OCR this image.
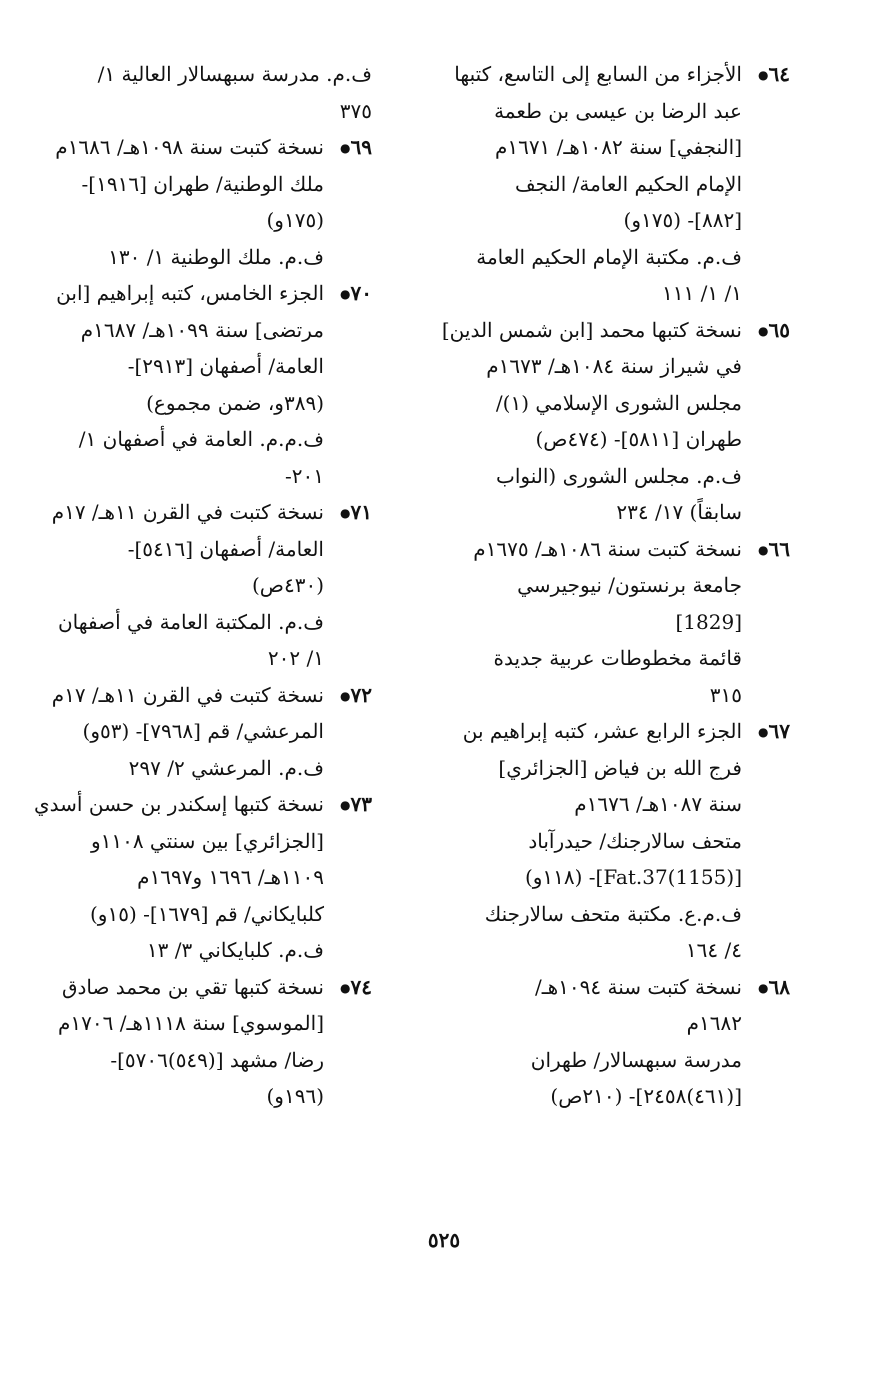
٦٤●
الأجزاء من السابع إلى التاسع، كتبها
عبد الرضا بن عيسى بن طعمة
[النجفي] سنة ١٠٨٢هـ/ ١٦٧١م
الإمام الحكيم العامة/ النجف
[٨٨٢]- (١٧٥و)
ف.م. مكتبة الإمام الحكيم العامة
١/ ١/ ١١١
٦٥●
نسخة كتبها محمد [ابن شمس الدين]
في شيراز سنة ١٠٨٤هـ/ ١٦٧٣م
مجلس الشورى الإسلامي (١)/
طهران [٥٨١١]- (٤٧٤ص)
ف.م. مجلس الشورى (النواب
سابقاً) ١٧/ ٢٣٤
٦٦●
نسخة كتبت سنة ١٠٨٦هـ/ ١٦٧٥م
جامعة برنستون/ نيوجيرسي
[1829]
قائمة مخطوطات عربية جديدة
٣١٥
٦٧●
الجزء الرابع عشر، كتبه إبراهيم بن
فرج الله بن فياض [الجزائري]
سنة ١٠٨٧هـ/ ١٦٧٦م
متحف سالارجنك/ حيدرآباد
[(1155)Fat.37]- (١١٨و)
ف.م.ع. مكتبة متحف سالارجنك
٤/ ١٦٤
٦٨●
نسخة كتبت سنة ١٠٩٤هـ/
١٦٨٢م
مدرسة سبهسالار/ طهران
[(٤٦١)٢٤٥٨]- (٢١٠ص)
ف.م. مدرسة سبهسالار العالية ١/
٣٧٥
٦٩●
نسخة كتبت سنة ١٠٩٨هـ/ ١٦٨٦م
ملك الوطنية/ طهران [١٩١٦]-
(١٧٥و)
ف.م. ملك الوطنية ١/ ١٣٠
٧٠●
الجزء الخامس، كتبه إبراهيم [ابن
مرتضى] سنة ١٠٩٩هـ/ ١٦٨٧م
العامة/ أصفهان [٢٩١٣]-
(٣٨٩و، ضمن مجموع)
ف.م.م. العامة في أصفهان ١/
٢٠١-
٧١●
نسخة كتبت في القرن ١١هـ/ ١٧م
العامة/ أصفهان [٥٤١٦]-
(٤٣٠ص)
ف.م. المكتبة العامة في أصفهان
١/ ٢٠٢
٧٢●
نسخة كتبت في القرن ١١هـ/ ١٧م
المرعشي/ قم [٧٩٦٨]- (٥٣و)
ف.م. المرعشي ٢/ ٢٩٧
٧٣●
نسخة كتبها إسكندر بن حسن أسدي
[الجزائري] بين سنتي ١١٠٨و
١١٠٩هـ/ ١٦٩٦ و١٦٩٧م
كلبايكاني/ قم [١٦٧٩]- (١٥و)
ف.م. كلبايكاني ٣/ ١٣
٧٤●
نسخة كتبها تقي بن محمد صادق
[الموسوي] سنة ١١١٨هـ/ ١٧٠٦م
رضا/ مشهد [(٥٤٩)٥٧٠٦]-
(١٩٦و)
٥٢٥
